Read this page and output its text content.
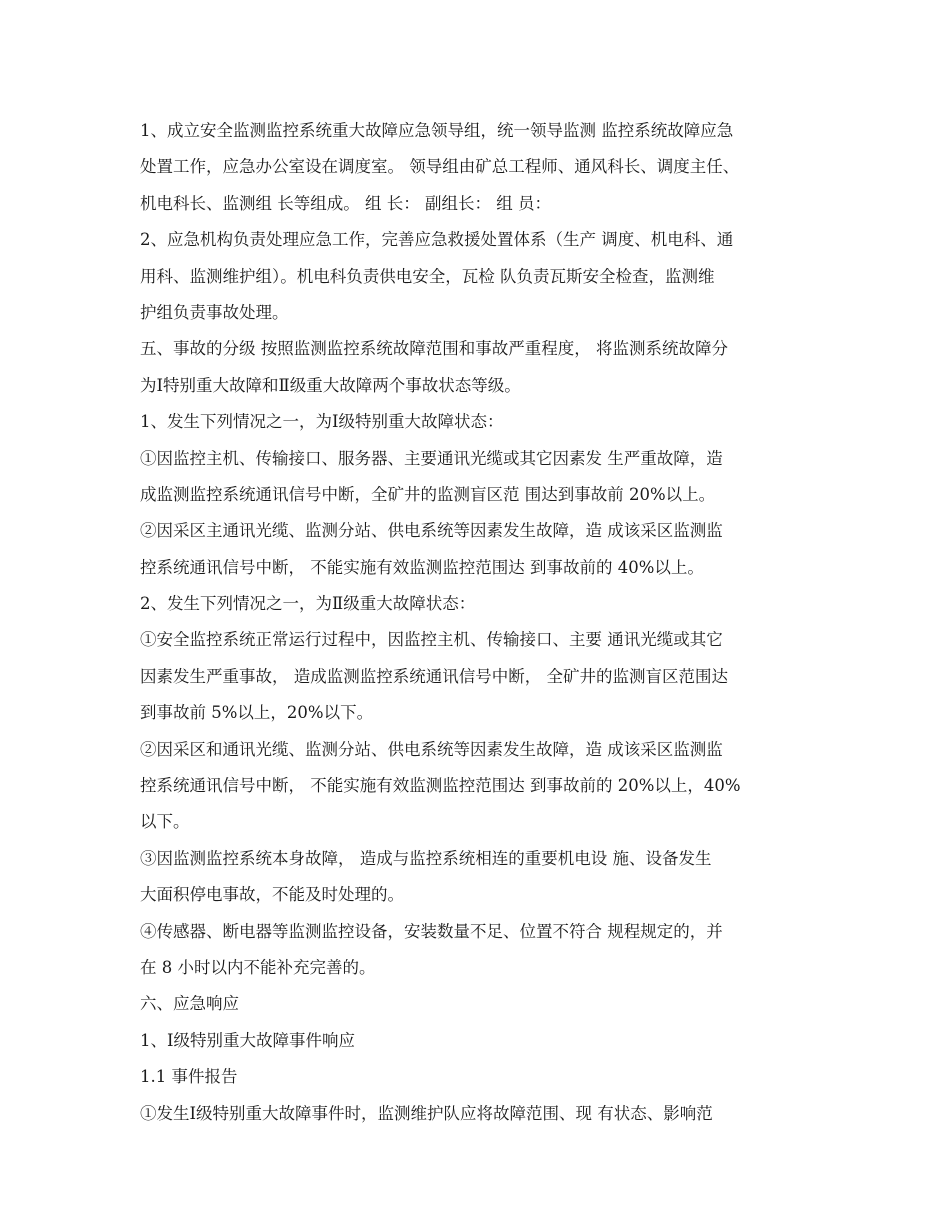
1、成立安全监测监控系统重大故障应急领导组，统一领导监测 监控系统故障应急
处置工作，应急办公室设在调度室。 领导组由矿总工程师、通风科长、调度主任、
机电科长、监测组 长等组成。 组 长： 副组长： 组 员：
2、应急机构负责处理应急工作，完善应急救援处置体系（生产 调度、机电科、通
用科、监测维护组）。机电科负责供电安全，瓦检 队负责瓦斯安全检查，监测维
护组负责事故处理。
五、事故的分级 按照监测监控系统故障范围和事故严重程度， 将监测系统故障分
为Ⅰ特别重大故障和Ⅱ级重大故障两个事故状态等级。
1、发生下列情况之一，为Ⅰ级特别重大故障状态：
①因监控主机、传输接口、服务器、主要通讯光缆或其它因素发 生严重故障，造
成监测监控系统通讯信号中断，全矿井的监测盲区范 围达到事故前 20%以上。
②因采区主通讯光缆、监测分站、供电系统等因素发生故障，造 成该采区监测监
控系统通讯信号中断， 不能实施有效监测监控范围达 到事故前的 40%以上。
2、发生下列情况之一，为Ⅱ级重大故障状态：
①安全监控系统正常运行过程中，因监控主机、传输接口、主要 通讯光缆或其它
因素发生严重事故， 造成监测监控系统通讯信号中断， 全矿井的监测盲区范围达
到事故前 5%以上，20%以下。
②因采区和通讯光缆、监测分站、供电系统等因素发生故障，造 成该采区监测监
控系统通讯信号中断， 不能实施有效监测监控范围达 到事故前的 20%以上，40%
以下。
③因监测监控系统本身故障， 造成与监控系统相连的重要机电设 施、设备发生
大面积停电事故，不能及时处理的。
④传感器、断电器等监测监控设备，安装数量不足、位置不符合 规程规定的，并
在 8 小时以内不能补充完善的。
六、应急响应
1、Ⅰ级特别重大故障事件响应
1.1 事件报告
①发生Ⅰ级特别重大故障事件时，监测维护队应将故障范围、现 有状态、影响范
